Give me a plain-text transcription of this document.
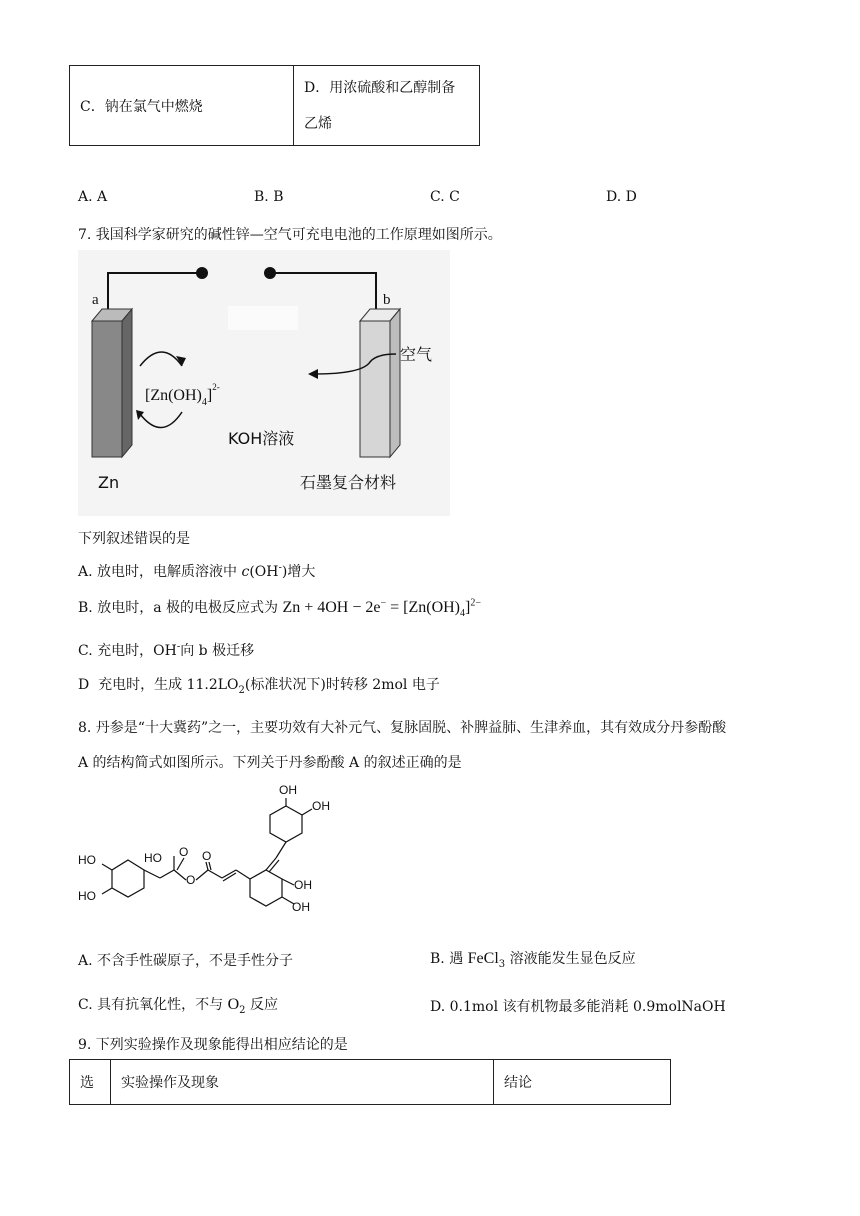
C．钠在氯气中燃烧	
D．用浓硫酸和乙醇制备
乙烯
A. A	B. B	C. C	D. D
7. 我国科学家研究的碱性锌—空气可充电电池的工作原理如图所示。
$[Zn(OH)_4]^{2-}$
a	b
空气
KOH溶液
Zn	石墨复合材料
下列叙述错误的是
A. 放电时，电解质溶液中 c(OH-)增大
B. 放电时，a 极的电极反应式为 $Zn + 4OH - 2e^- = [Zn(OH)_4]^{2-}$
C. 充电时，OH-向 b 极迁移
D 充电时，生成 $11.2LO_2$(标准状况下)时转移 2mol 电子
8. 丹参是“十大冀药”之一，主要功效有大补元气、复脉固脱、补脾益肺、生津养血，其有效成分丹参酚酸
A 的结构简式如图所示。下列关于丹参酚酸 A 的叙述正确的是
OH
OH
HO
HO
HO O
O
O
OH
OH
A. 不含手性碳原子，不是手性分子	B. 遇 FeCl$_3$ 溶液能发生显色反应
C. 具有抗氧化性，不与 $O_2$ 反应	D. 0.1mol 该有机物最多能消耗 0.9molNaOH
9. 下列实验操作及现象能得出相应结论的是
选	实验操作及现象	结论
